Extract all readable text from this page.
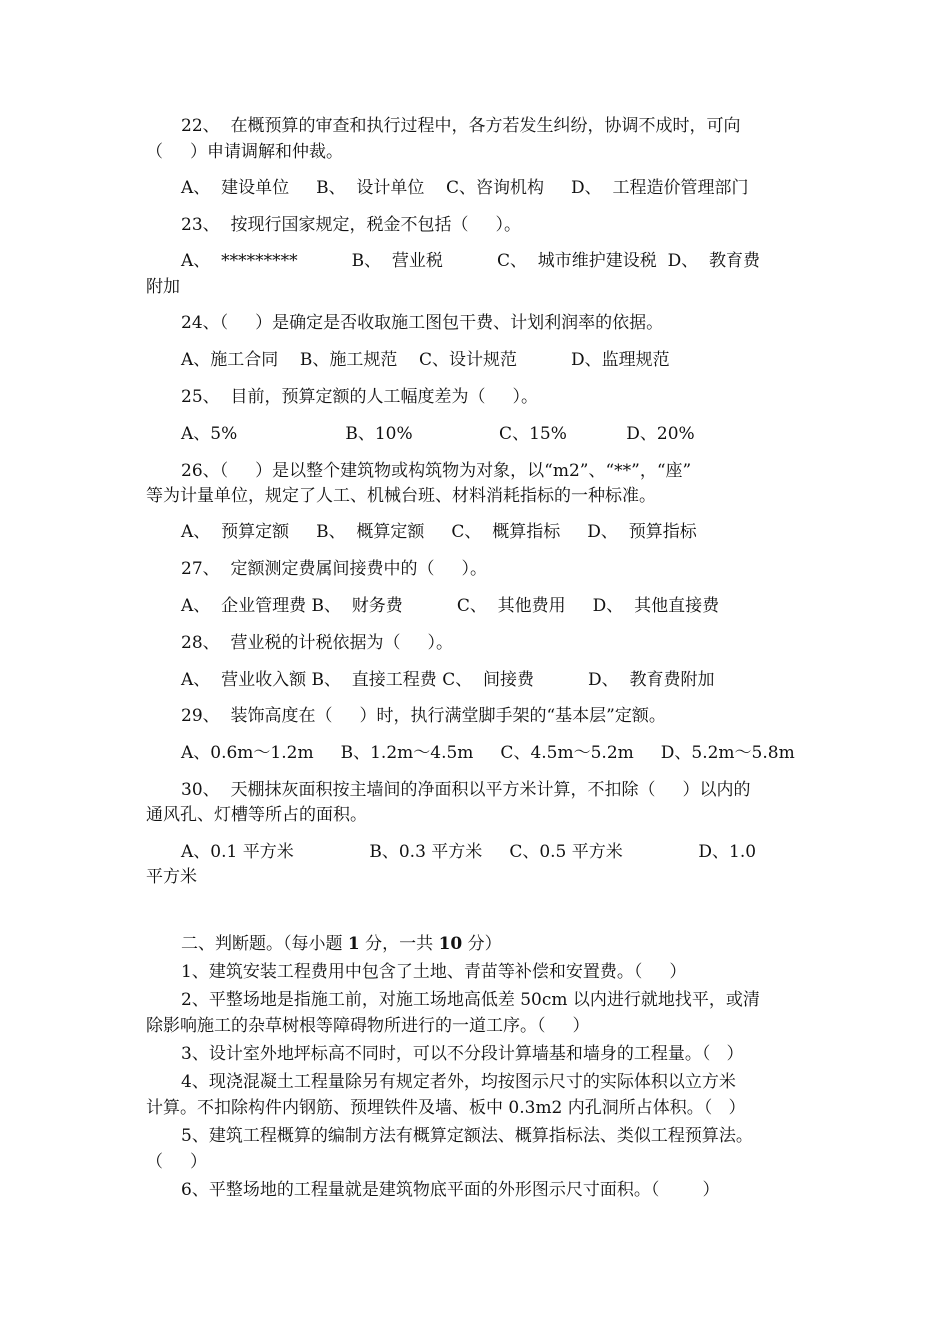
22、  在概预算的审查和执行过程中，各方若发生纠纷，协调不成时，可向
（     ）申请调解和仲裁。
A、  建设单位     B、  设计单位    C、咨询机构     D、  工程造价管理部门
23、  按现行国家规定，税金不包括（     ）。
A、  *********          B、  营业税          C、  城市维护建设税  D、  教育费
附加
24、（     ）是确定是否收取施工图包干费、计划利润率的依据。
A、施工合同    B、施工规范    C、设计规范          D、监理规范
25、  目前，预算定额的人工幅度差为（     ）。
A、5%                    B、10%                C、15%           D、20%
26、（     ）是以整个建筑物或构筑物为对象，以“m2”、“**”，“座”
等为计量单位，规定了人工、机械台班、材料消耗指标的一种标准。
A、  预算定额     B、  概算定额     C、  概算指标     D、  预算指标
27、  定额测定费属间接费中的（     ）。
A、  企业管理费 B、  财务费          C、  其他费用     D、  其他直接费
28、  营业税的计税依据为（     ）。
A、  营业收入额 B、  直接工程费 C、  间接费          D、  教育费附加
29、  装饰高度在（     ）时，执行满堂脚手架的“基本层”定额。
A、0.6m～1.2m     B、1.2m～4.5m     C、4.5m～5.2m     D、5.2m～5.8m
30、  天棚抹灰面积按主墙间的净面积以平方米计算，不扣除（     ）以内的
通风孔、灯槽等所占的面积。
A、0.1 平方米              B、0.3 平方米     C、0.5 平方米              D、1.0
平方米
二、判断题。（每小题 1 分，一共 10 分）
1、建筑安装工程费用中包含了土地、青苗等补偿和安置费。（     ）
2、平整场地是指施工前，对施工场地高低差 50cm 以内进行就地找平，或清
除影响施工的杂草树根等障碍物所进行的一道工序。（     ）
3、设计室外地坪标高不同时，可以不分段计算墙基和墙身的工程量。（   ）
4、现浇混凝土工程量除另有规定者外，均按图示尺寸的实际体积以立方米
计算。不扣除构件内钢筋、预埋铁件及墙、板中 0.3m2 内孔洞所占体积。（   ）
5、建筑工程概算的编制方法有概算定额法、概算指标法、类似工程预算法。
（     ）
6、平整场地的工程量就是建筑物底平面的外形图示尺寸面积。（        ）
